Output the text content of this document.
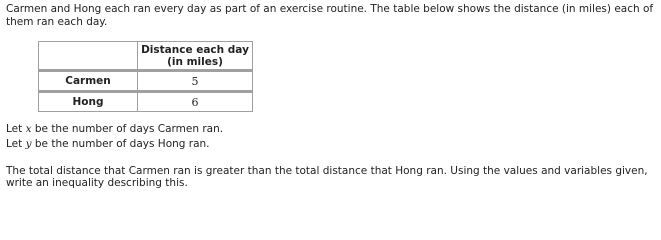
Carmen and Hong each ran every day as part of an exercise routine. The table below shows the distance (in miles) each of them ran each day.

	Distance each day
(in miles)

Carmen	5
Hong	6
Let x be the number of days Carmen ran.
Let y be the number of days Hong ran.
The total distance that Carmen ran is greater than the total distance that Hong ran. Using the values and variables given, write an inequality describing this.
